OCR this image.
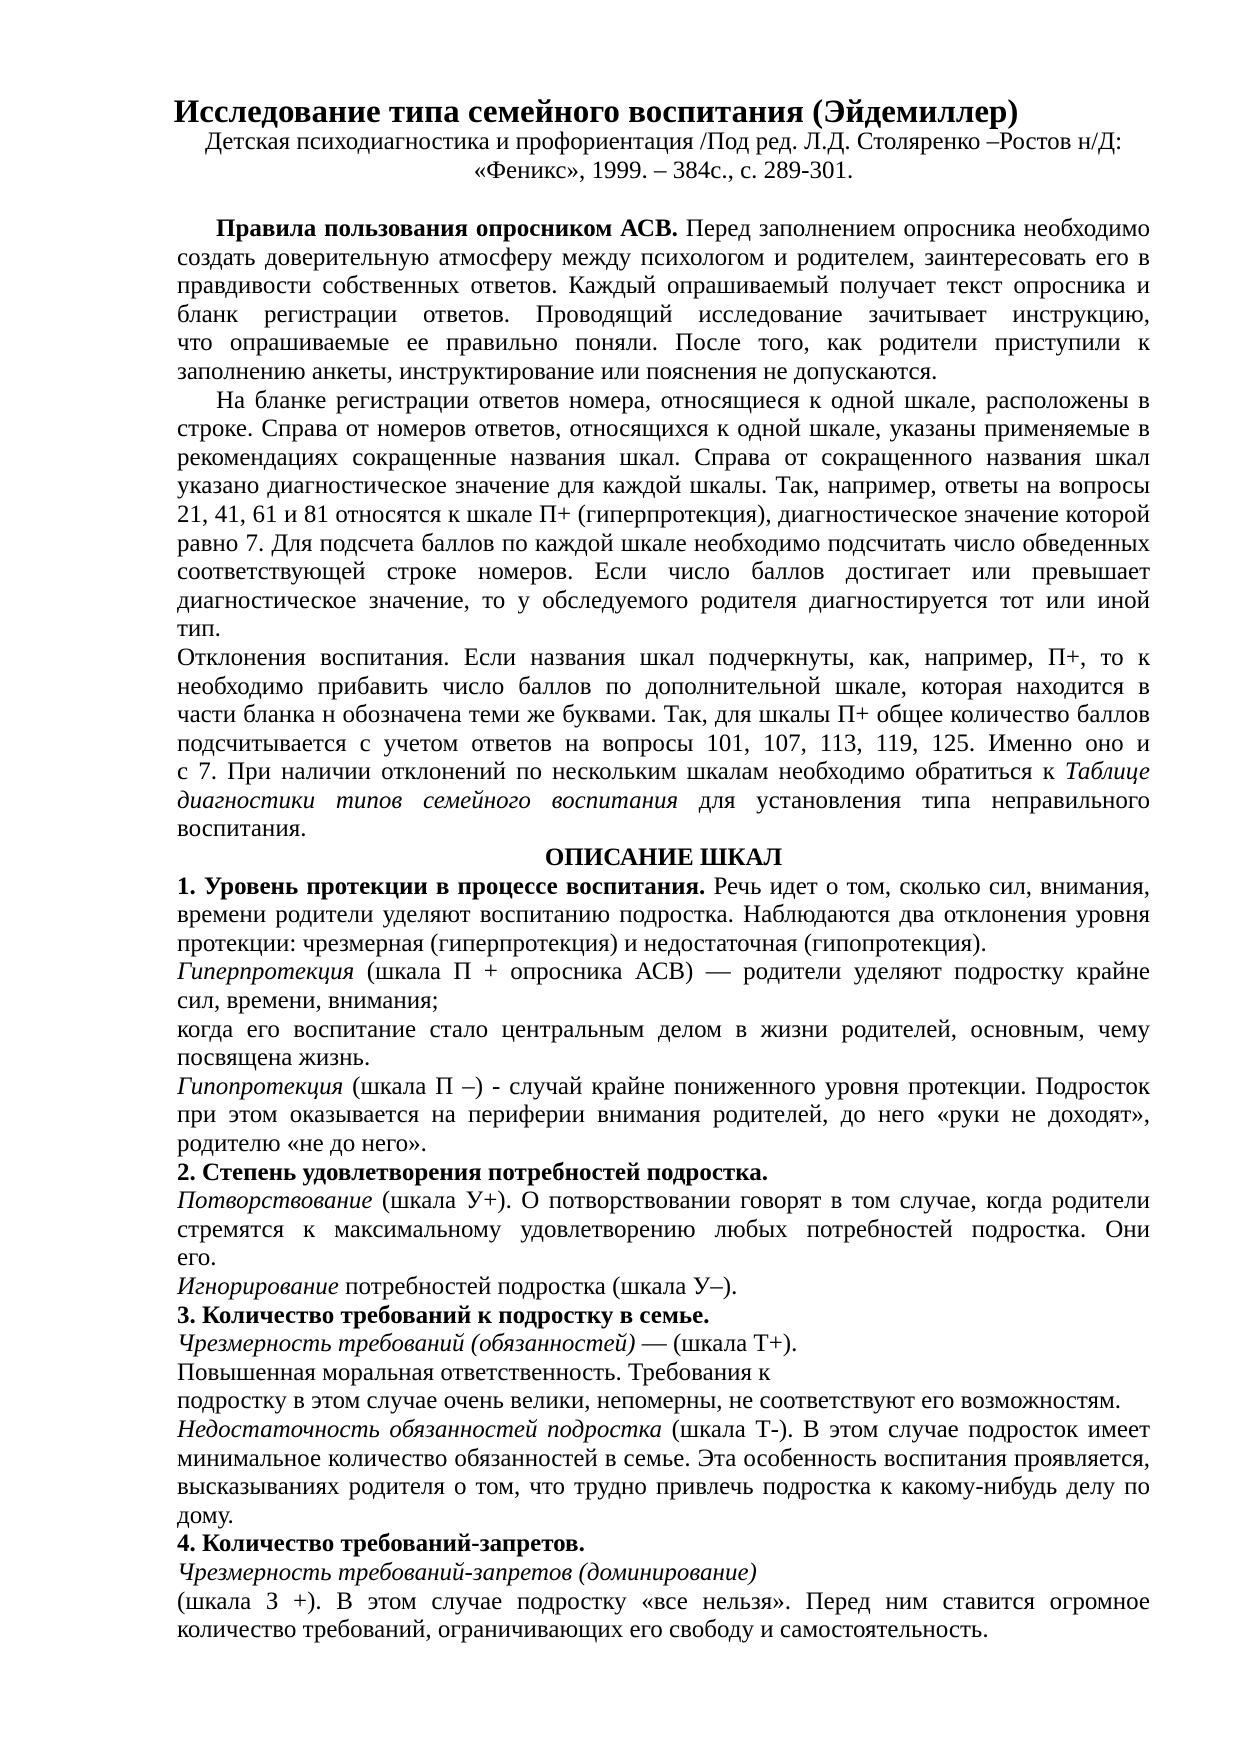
Исследование типа семейного воспитания (Эйдемиллер)
Детская психодиагностика и профориентация /Под ред. Л.Д. Столяренко –Ростов н/Д:
«Феникс», 1999. – 384с., с. 289-301.
Правила пользования опросником АСВ. Перед заполнением опросника необходимо
создать доверительную атмосферу между психологом и родителем, заинтересовать его в
правдивости собственных ответов. Каждый опрашиваемый получает текст опросника и
бланк регистрации ответов. Проводящий исследование зачитывает инструкцию,
что опрашиваемые ее правильно поняли. После того, как родители приступили к
заполнению анкеты, инструктирование или пояснения не допускаются.
На бланке регистрации ответов номера, относящиеся к одной шкале, расположены в
строке. Справа от номеров ответов, относящихся к одной шкале, указаны применяемые в
рекомендациях сокращенные названия шкал. Справа от сокращенного названия шкал
указано диагностическое значение для каждой шкалы. Так, например, ответы на вопросы
21, 41, 61 и 81 относятся к шкале П+ (гиперпротекция), диагностическое значение которой
равно 7. Для подсчета баллов по каждой шкале необходимо подсчитать число обведенных
соответствующей строке номеров. Если число баллов достигает или превышает
диагностическое значение, то у обследуемого родителя диагностируется тот или иной
тип.
Отклонения воспитания. Если названия шкал подчеркнуты, как, например, П+, то к
необходимо прибавить число баллов по дополнительной шкале, которая находится в
части бланка н обозначена теми же буквами. Так, для шкалы П+ общее количество баллов
подсчитывается с учетом ответов на вопросы 101, 107, 113, 119, 125. Именно оно и
с 7. При наличии отклонений по нескольким шкалам необходимо обратиться к Таблице
диагностики типов семейного воспитания для установления типа неправильного
воспитания.
ОПИСАНИЕ ШКАЛ
1. Уровень протекции в процессе воспитания. Речь идет о том, сколько сил, внимания,
времени родители уделяют воспитанию подростка. Наблюдаются два отклонения уровня
протекции: чрезмерная (гиперпротекция) и недостаточная (гипопротекция).
Гиперпротекция (шкала П + опросника АСВ) — родители уделяют подростку крайне
сил, времени, внимания;
когда его воспитание стало центральным делом в жизни родителей, основным, чему
посвящена жизнь.
Гипопротекция (шкала П –) - случай крайне пониженного уровня протекции. Подросток
при этом оказывается на периферии внимания родителей, до него «руки не доходят»,
родителю «не до него».
2. Степень удовлетворения потребностей подростка.
Потворствование (шкала У+). О потворствовании говорят в том случае, когда родители
стремятся к максимальному удовлетворению любых потребностей подростка. Они
его.
Игнорирование потребностей подростка (шкала У–).
3. Количество требований к подростку в семье.
Чрезмерность требований (обязанностей) — (шкала Т+).
Повышенная моральная ответственность. Требования к
подростку в этом случае очень велики, непомерны, не соответствуют его возможностям.
Недостаточность обязанностей подростка (шкала Т-). В этом случае подросток имеет
минимальное количество обязанностей в семье. Эта особенность воспитания проявляется,
высказываниях родителя о том, что трудно привлечь подростка к какому-нибудь делу по
дому.
4. Количество требований-запретов.
Чрезмерность требований-запретов (доминирование)
(шкала З +). В этом случае подростку «все нельзя». Перед ним ставится огромное
количество требований, ограничивающих его свободу и самостоятельность.
